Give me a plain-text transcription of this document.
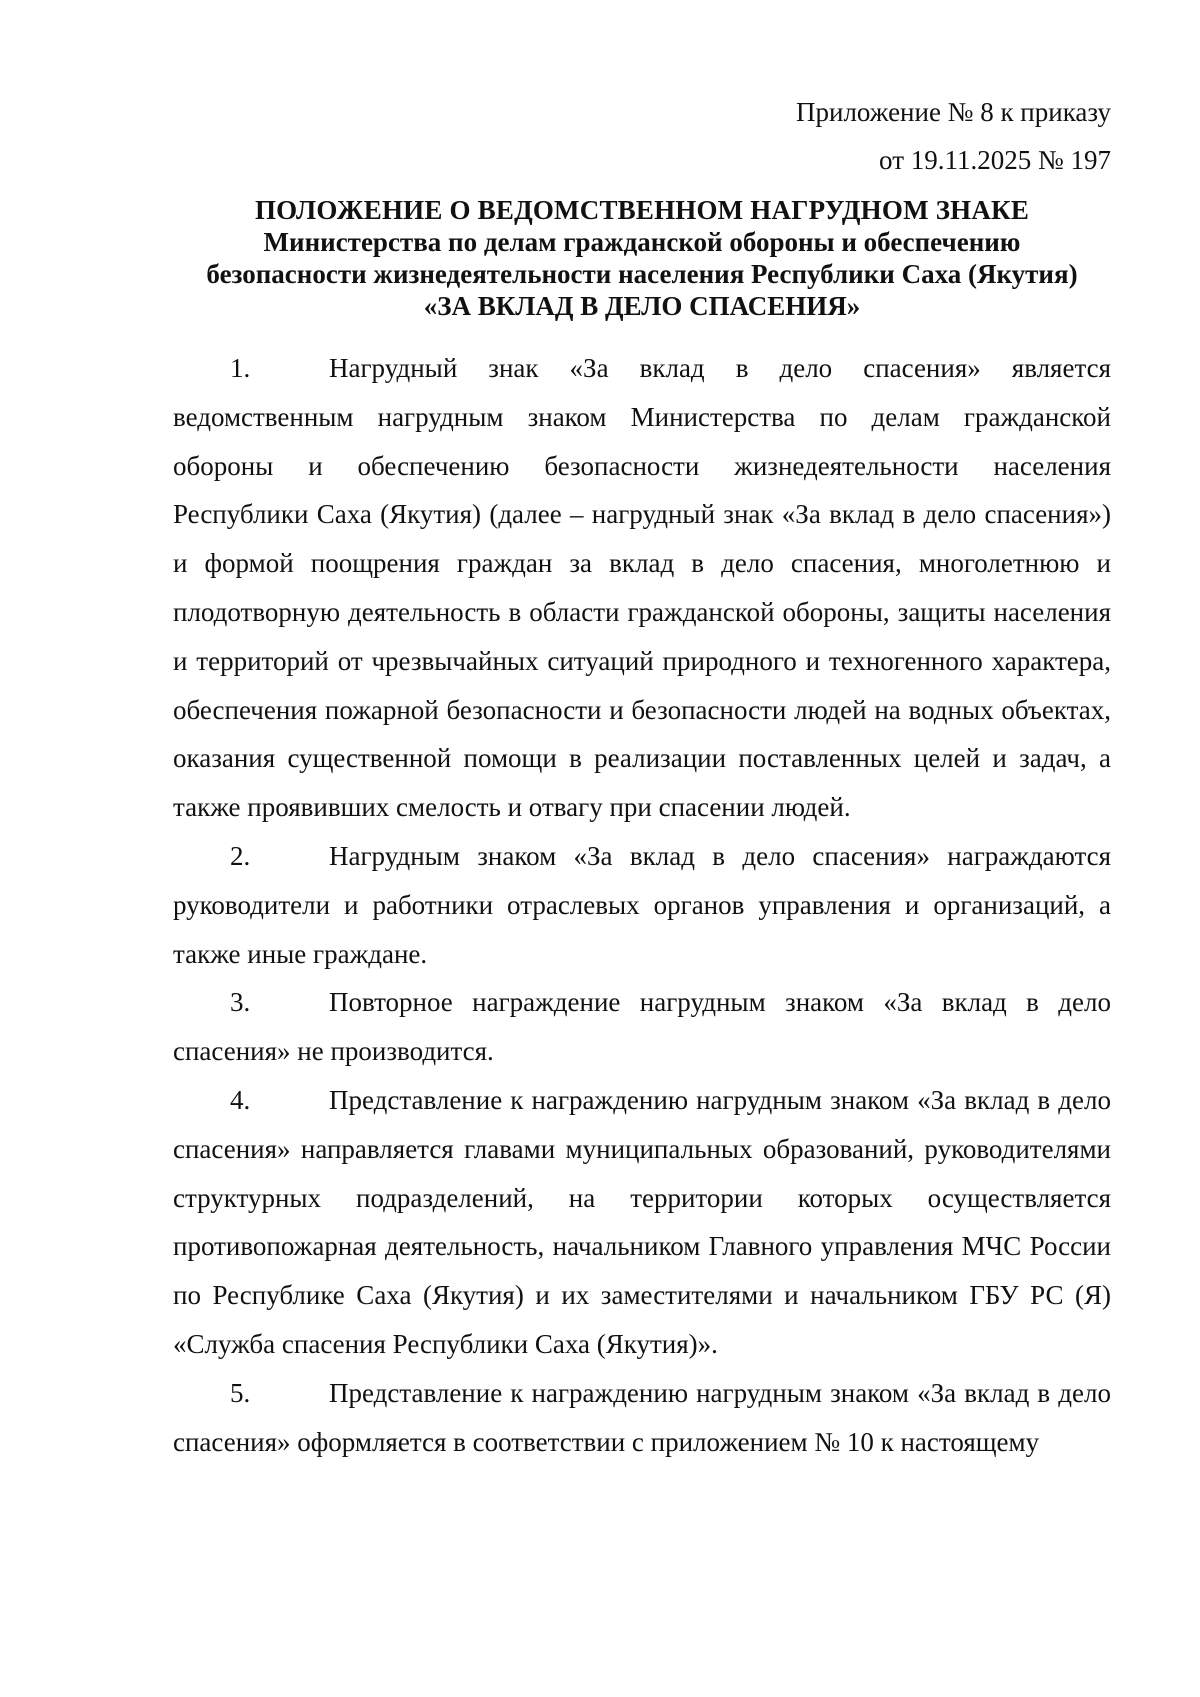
Приложение № 8 к приказу
от 19.11.2025 № 197
ПОЛОЖЕНИЕ О ВЕДОМСТВЕННОМ НАГРУДНОМ ЗНАКЕ
Министерства по делам гражданской обороны и обеспечению
безопасности жизнедеятельности населения Республики Саха (Якутия)
«ЗА ВКЛАД В ДЕЛО СПАСЕНИЯ»

1.	Нагрудный знак «За вклад в дело спасения» является ведомственным нагрудным знаком Министерства по делам гражданской обороны и обеспечению безопасности жизнедеятельности населения Республики Саха (Якутия) (далее – нагрудный знак «За вклад в дело спасения») и формой поощрения граждан за вклад в дело спасения, многолетнюю и плодотворную деятельность в области гражданской обороны, защиты населения и территорий от чрезвычайных ситуаций природного и техногенного характера, обеспечения пожарной безопасности и безопасности людей на водных объектах, оказания существенной помощи в реализации поставленных целей и задач, а также проявивших смелость и отвагу при спасении людей.

2.	Нагрудным знаком «За вклад в дело спасения» награждаются руководители и работники отраслевых органов управления и организаций, а также иные граждане.

3.	Повторное награждение нагрудным знаком «За вклад в дело спасения» не производится.

4.	Представление к награждению нагрудным знаком «За вклад в дело спасения» направляется главами муниципальных образований, руководителями структурных подразделений, на территории которых осуществляется противопожарная деятельность, начальником Главного управления МЧС России по Республике Саха (Якутия) и их заместителями и начальником ГБУ РС (Я) «Служба спасения Республики Саха (Якутия)».

5.	Представление к награждению нагрудным знаком «За вклад в дело спасения» оформляется в соответствии с приложением № 10 к настоящему
